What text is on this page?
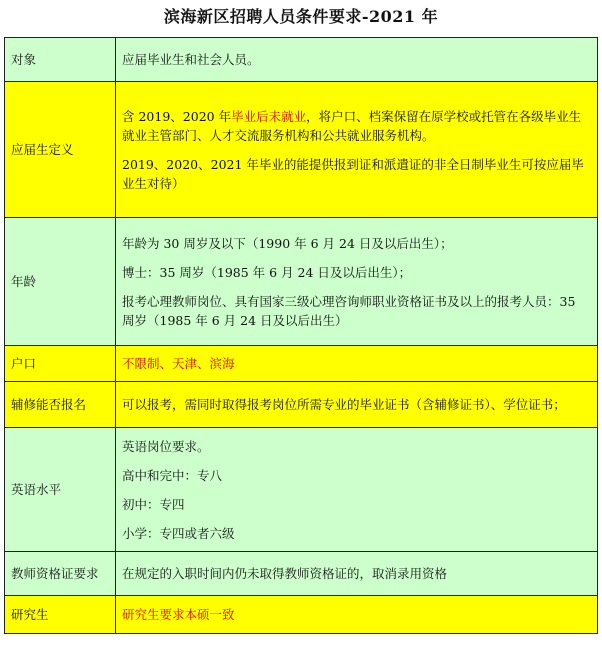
滨海新区招聘人员条件要求-2021 年
对象	应届毕业生和社会人员。
应届生定义	含 2019、2020 年毕业后未就业，将户口、档案保留在原学校或托管在各级毕业生就业主管部门、人才交流服务机构和公共就业服务机构。

2019、2020、2021 年毕业的能提供报到证和派遣证的非全日制毕业生可按应届毕业生对待）

年龄	年龄为 30 周岁及以下（1990 年 6 月 24 日及以后出生）；

博士：35 周岁（1985 年 6 月 24 日及以后出生）；

报考心理教师岗位、具有国家三级心理咨询师职业资格证书及以上的报考人员：35 周岁（1985 年 6 月 24 日及以后出生）

户口	不限制、天津、滨海
辅修能否报名	可以报考，需同时取得报考岗位所需专业的毕业证书（含辅修证书）、学位证书；
英语水平	英语岗位要求。

高中和完中：专八

初中：专四

小学：专四或者六级

教师资格证要求	在规定的入职时间内仍未取得教师资格证的，取消录用资格
研究生	研究生要求本硕一致
